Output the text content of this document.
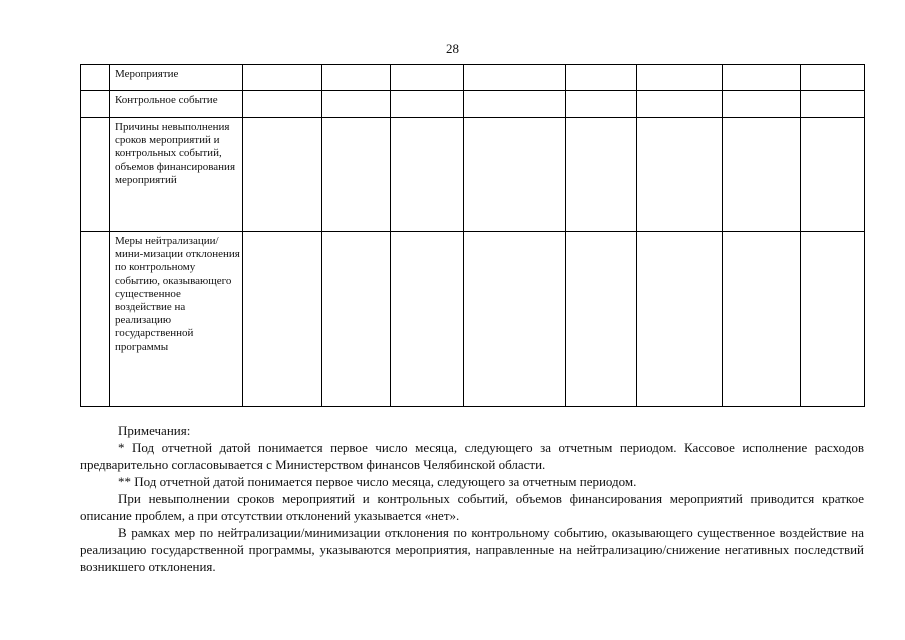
28
	Мероприятие								
	Контрольное событие								
	Причины невыполнения сроков мероприятий и контрольных событий, объемов финансирования мероприятий								
	Меры нейтрализации/мини-мизации отклонения по контрольному событию, оказывающего существенное воздействие на реализацию государственной программы								

Примечания:

* Под отчетной датой понимается первое число месяца, следующего за отчетным периодом. Кассовое исполнение расходов предварительно согласовывается с Министерством финансов Челябинской области.

** Под отчетной датой понимается первое число месяца, следующего за отчетным периодом.

При невыполнении сроков мероприятий и контрольных событий, объемов финансирования мероприятий приводится краткое описание проблем, а при отсутствии отклонений указывается «нет».

В рамках мер по нейтрализации/минимизации отклонения по контрольному событию, оказывающего существенное воздействие на реализацию государственной программы, указываются мероприятия, направленные на нейтрализацию/снижение негативных последствий возникшего отклонения.
